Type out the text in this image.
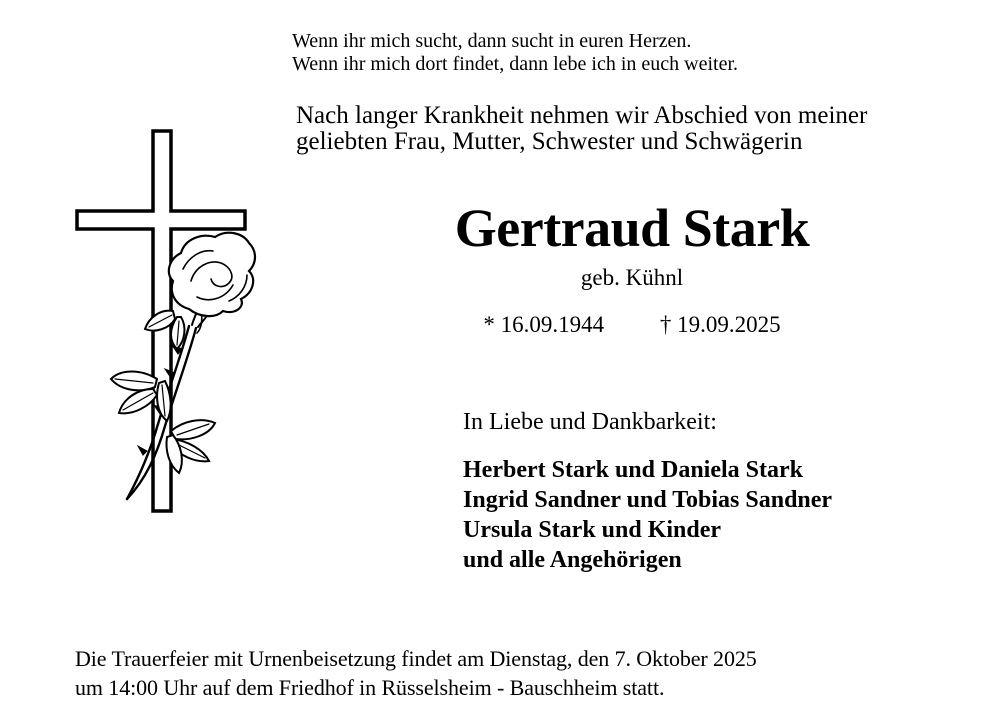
Wenn ihr mich sucht, dann sucht in euren Herzen.
Wenn ihr mich dort findet, dann lebe ich in euch weiter.
Nach langer Krankheit nehmen wir Abschied von meiner
geliebten Frau, Mutter, Schwester und Schwägerin
Gertraud Stark
geb. Kühnl
* 16.09.1944 † 19.09.2025
In Liebe und Dankbarkeit:
Herbert Stark und Daniela Stark
Ingrid Sandner und Tobias Sandner
Ursula Stark und Kinder
und alle Angehörigen
Die Trauerfeier mit Urnenbeisetzung findet am Dienstag, den 7. Oktober 2025
um 14:00 Uhr auf dem Friedhof in Rüsselsheim - Bauschheim statt.
